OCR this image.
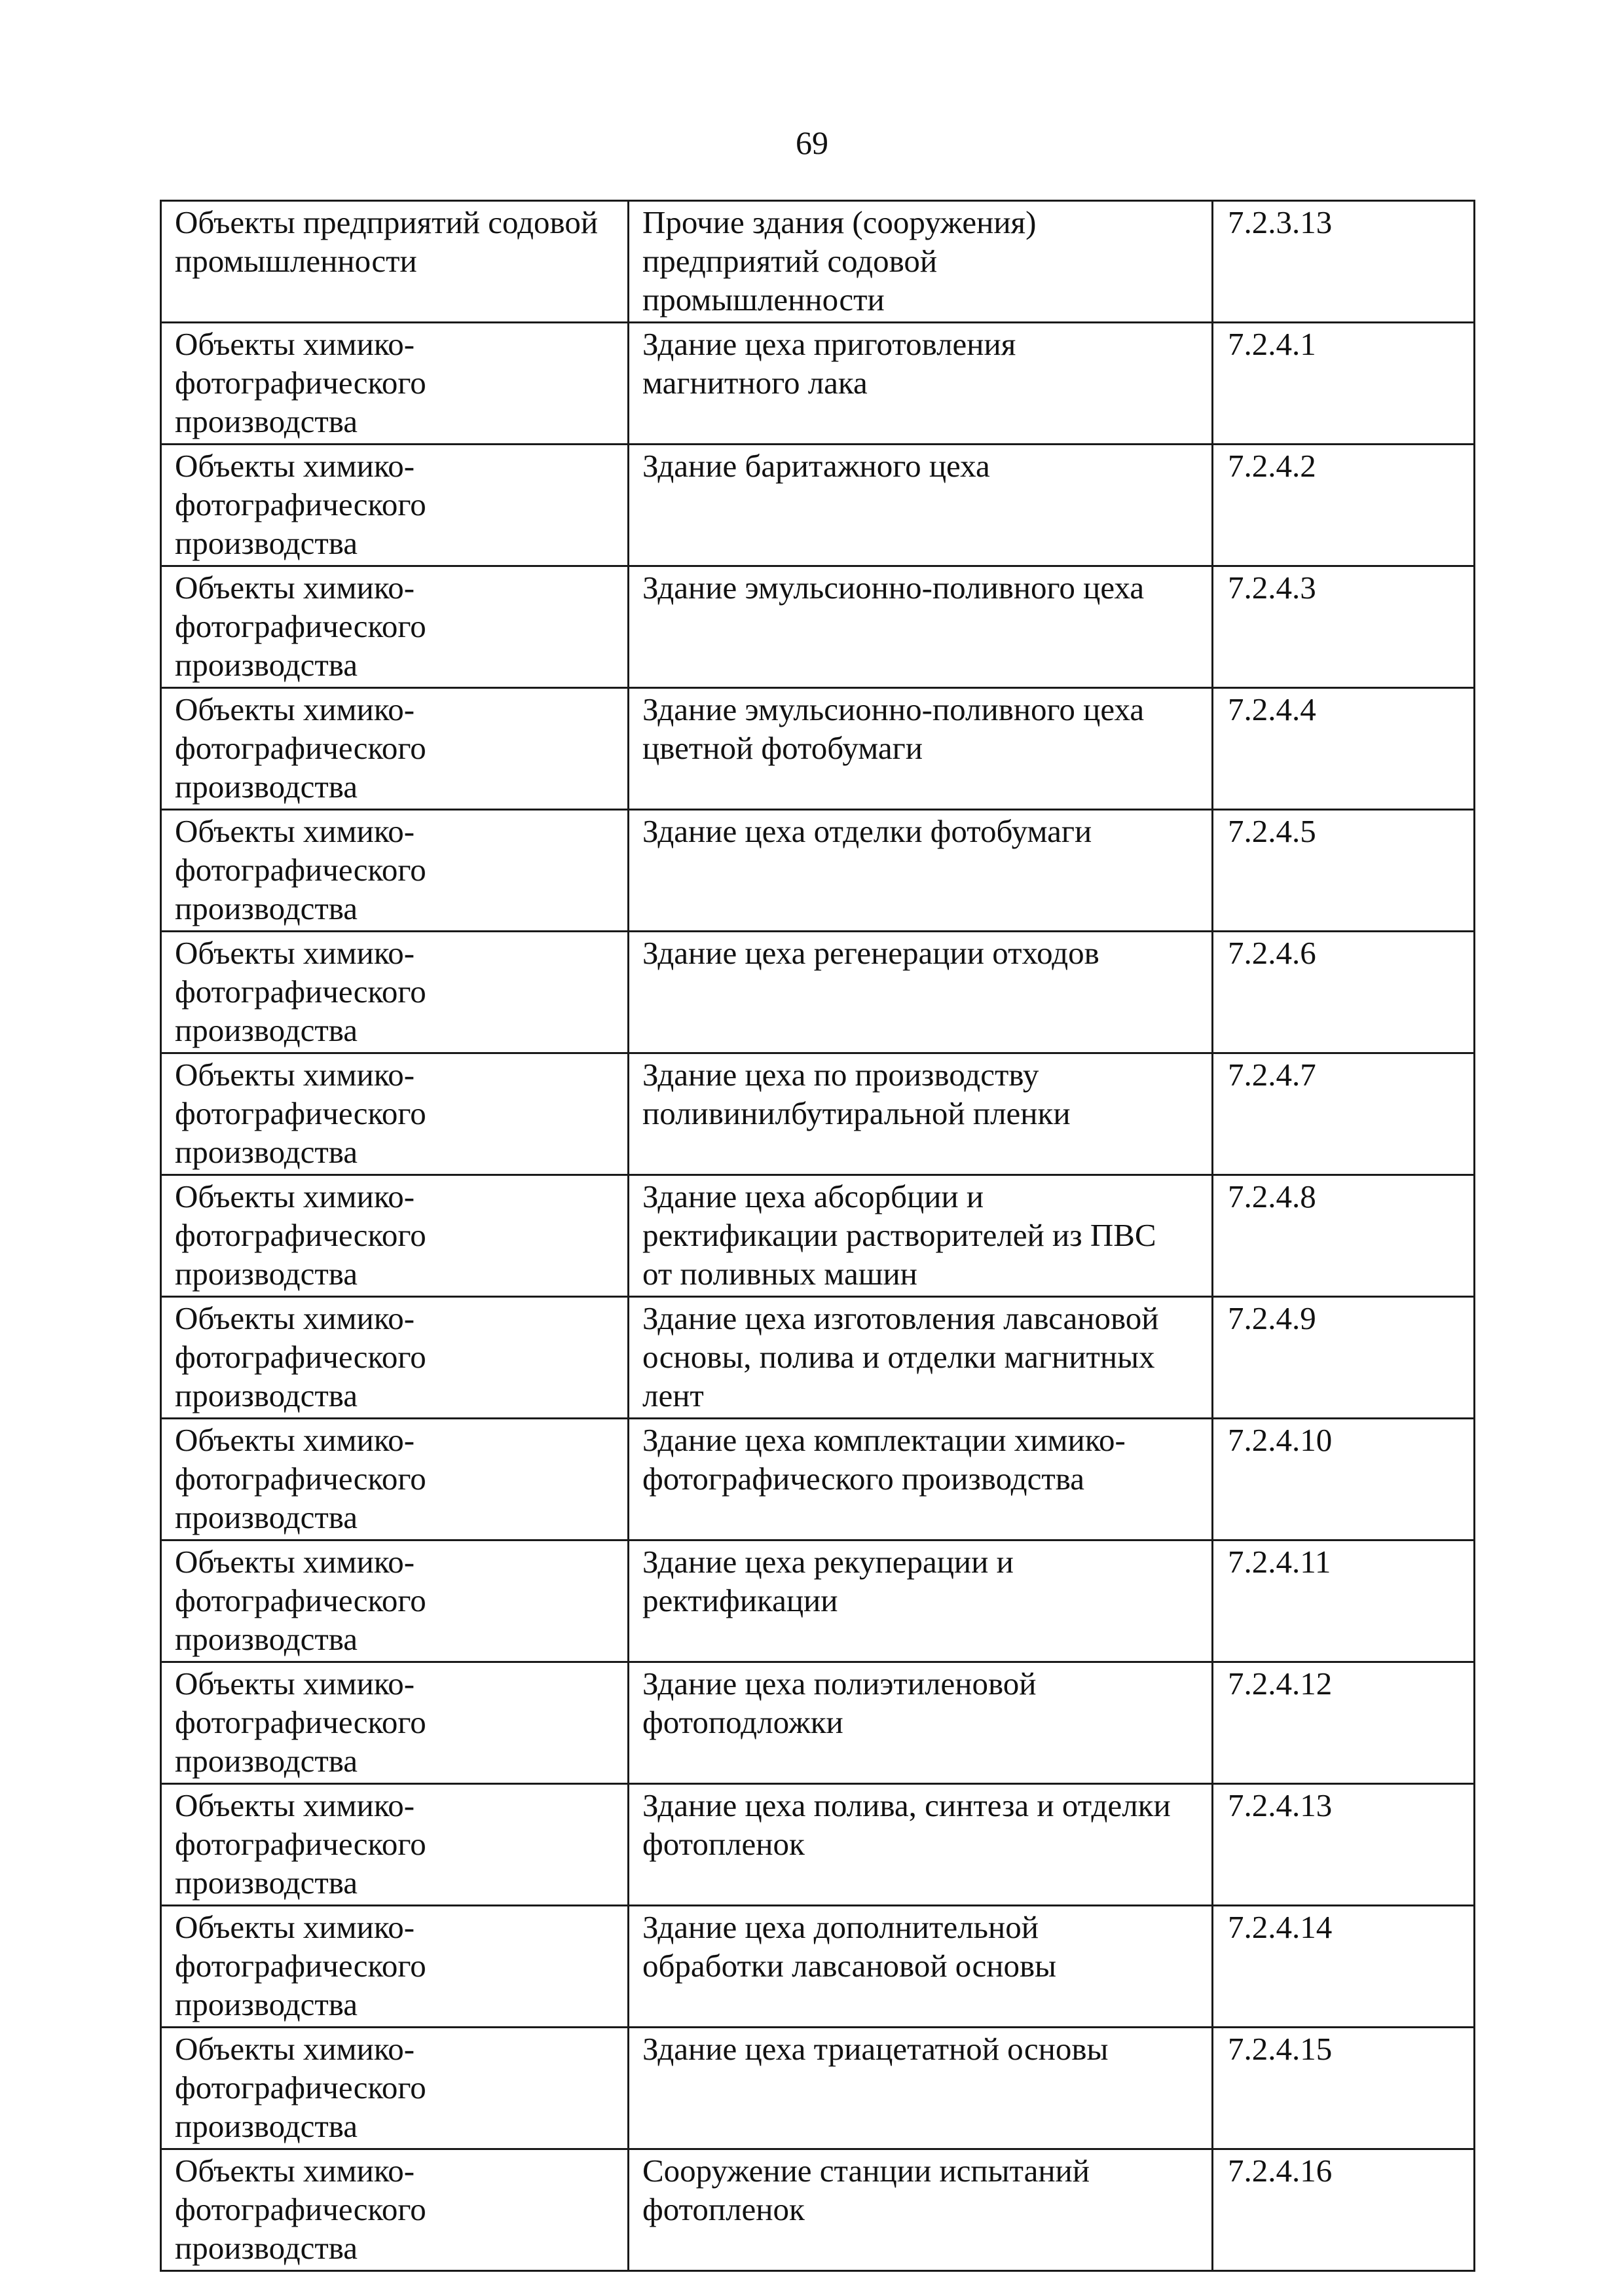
69
Объекты предприятий содовой
промышленности	Прочие здания (сооружения)
предприятий содовой
промышленности	7.2.3.13

Объекты химико-
фотографического
производства	Здание цеха приготовления
магнитного лака	7.2.4.1

Объекты химико-
фотографического
производства	Здание баритажного цеха	7.2.4.2

Объекты химико-
фотографического
производства	Здание эмульсионно-поливного цеха	7.2.4.3

Объекты химико-
фотографического
производства	Здание эмульсионно-поливного цеха
цветной фотобумаги	7.2.4.4

Объекты химико-
фотографического
производства	Здание цеха отделки фотобумаги	7.2.4.5

Объекты химико-
фотографического
производства	Здание цеха регенерации отходов	7.2.4.6

Объекты химико-
фотографического
производства	Здание цеха по производству
поливинилбутиральной пленки	7.2.4.7

Объекты химико-
фотографического
производства	Здание цеха абсорбции и
ректификации растворителей из ПВС
от поливных машин	7.2.4.8

Объекты химико-
фотографического
производства	Здание цеха изготовления лавсановой
основы, полива и отделки магнитных
лент	7.2.4.9

Объекты химико-
фотографического
производства	Здание цеха комплектации химико-
фотографического производства	7.2.4.10

Объекты химико-
фотографического
производства	Здание цеха рекуперации и
ректификации	7.2.4.11

Объекты химико-
фотографического
производства	Здание цеха полиэтиленовой
фотоподложки	7.2.4.12

Объекты химико-
фотографического
производства	Здание цеха полива, синтеза и отделки
фотопленок	7.2.4.13

Объекты химико-
фотографического
производства	Здание цеха дополнительной
обработки лавсановой основы	7.2.4.14

Объекты химико-
фотографического
производства	Здание цеха триацетатной основы	7.2.4.15

Объекты химико-
фотографического
производства	Сооружение станции испытаний
фотопленок	7.2.4.16
